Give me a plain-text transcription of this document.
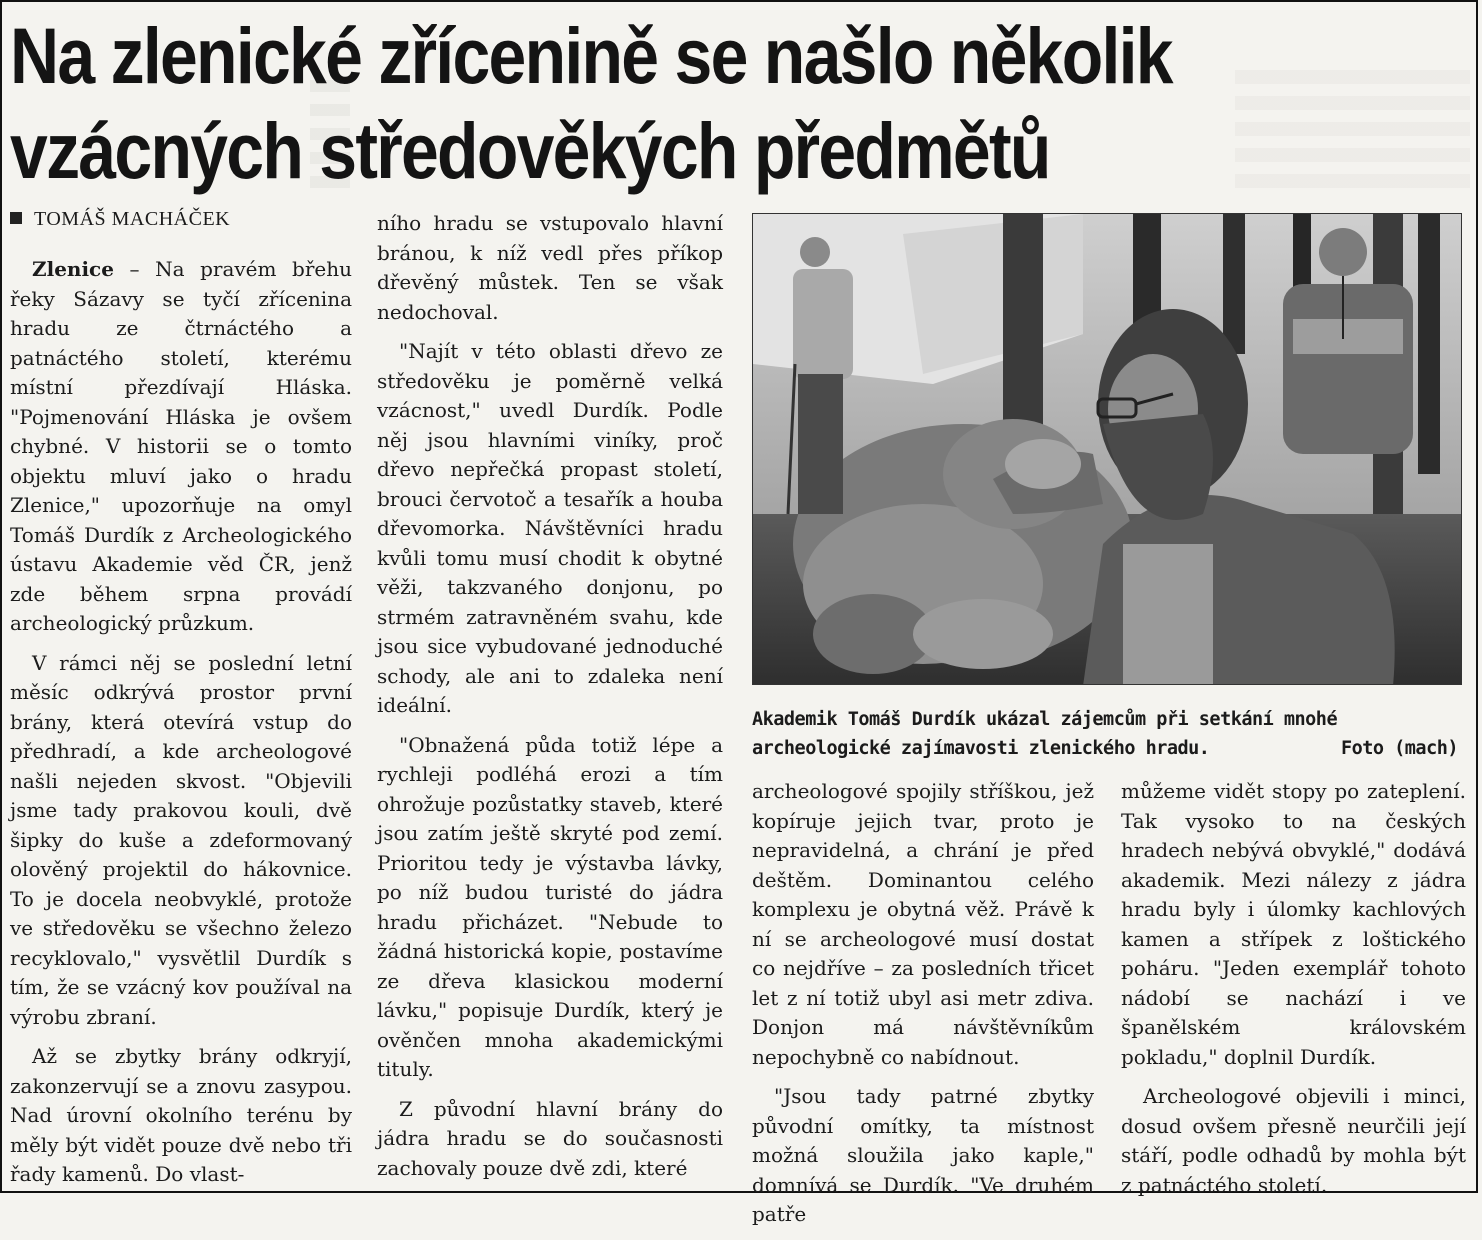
Na zlenické zřícenině se našlo několik
vzácných středověkých předmětů
TOMÁŠ MACHÁČEK

Zlenice – Na pravém břehu řeky Sázavy se tyčí zřícenina hradu ze čtrnáctého a patnáctého století, kterému místní přezdívají Hláska. "Pojmenování Hláska je ovšem chybné. V historii se o tomto objektu mluví jako o hradu Zlenice," upozorňuje na omyl Tomáš Durdík z Archeologického ústavu Akademie věd ČR, jenž zde během srpna provádí archeologický průzkum.

V rámci něj se poslední letní měsíc odkrývá prostor první brány, která otevírá vstup do předhradí, a kde archeologové našli nejeden skvost. "Objevili jsme tady prakovou kouli, dvě šipky do kuše a zdeformovaný olověný projektil do hákovnice. To je docela neobvyklé, protože ve středověku se všechno železo recyklovalo," vysvětlil Durdík s tím, že se vzácný kov používal na výrobu zbraní.

Až se zbytky brány odkryjí, zakonzervují se a znovu zasypou. Nad úrovní okolního terénu by měly být vidět pouze dvě nebo tři řady kamenů. Do vlast-

ního hradu se vstupovalo hlavní bránou, k níž vedl přes příkop dřevěný můstek. Ten se však nedochoval.

"Najít v této oblasti dřevo ze středověku je poměrně velká vzácnost," uvedl Durdík. Podle něj jsou hlavními viníky, proč dřevo nepřečká propast století, brouci červotoč a tesařík a houba dřevomorka. Návštěvníci hradu kvůli tomu musí chodit k obytné věži, takzvaného donjonu, po strmém zatravněném svahu, kde jsou sice vybudované jednoduché schody, ale ani to zdaleka není ideální.

"Obnažená půda totiž lépe a rychleji podléhá erozi a tím ohrožuje pozůstatky staveb, které jsou zatím ještě skryté pod zemí. Prioritou tedy je výstavba lávky, po níž budou turisté do jádra hradu přicházet. "Nebude to žádná historická kopie, postavíme ze dřeva klasickou moderní lávku," popisuje Durdík, který je ověnčen mnoha akademickými tituly.

Z původní hlavní brány do jádra hradu se do současnosti zachovaly pouze dvě zdi, které

Akademik Tomáš Durdík ukázal zájemcům při setkání mnohé archeologické zajímavosti zlenického hradu.	Foto (mach)

archeologové spojily stříškou, jež kopíruje jejich tvar, proto je nepravidelná, a chrání je před deštěm. Dominantou celého komplexu je obytná věž. Právě k ní se archeologové musí dostat co nejdříve – za posledních třicet let z ní totiž ubyl asi metr zdiva. Donjon má návštěvníkům nepochybně co nabídnout.

"Jsou tady patrné zbytky původní omítky, ta místnost možná sloužila jako kaple," domnívá se Durdík. "Ve druhém patře

můžeme vidět stopy po zateplení. Tak vysoko to na českých hradech nebývá obvyklé," dodává akademik. Mezi nálezy z jádra hradu byly i úlomky kachlových kamen a střípek z loštického poháru. "Jeden exemplář tohoto nádobí se nachází i ve španělském královském pokladu," doplnil Durdík.

Archeologové objevili i minci, dosud ovšem přesně neurčili její stáří, podle odhadů by mohla být z patnáctého století.
